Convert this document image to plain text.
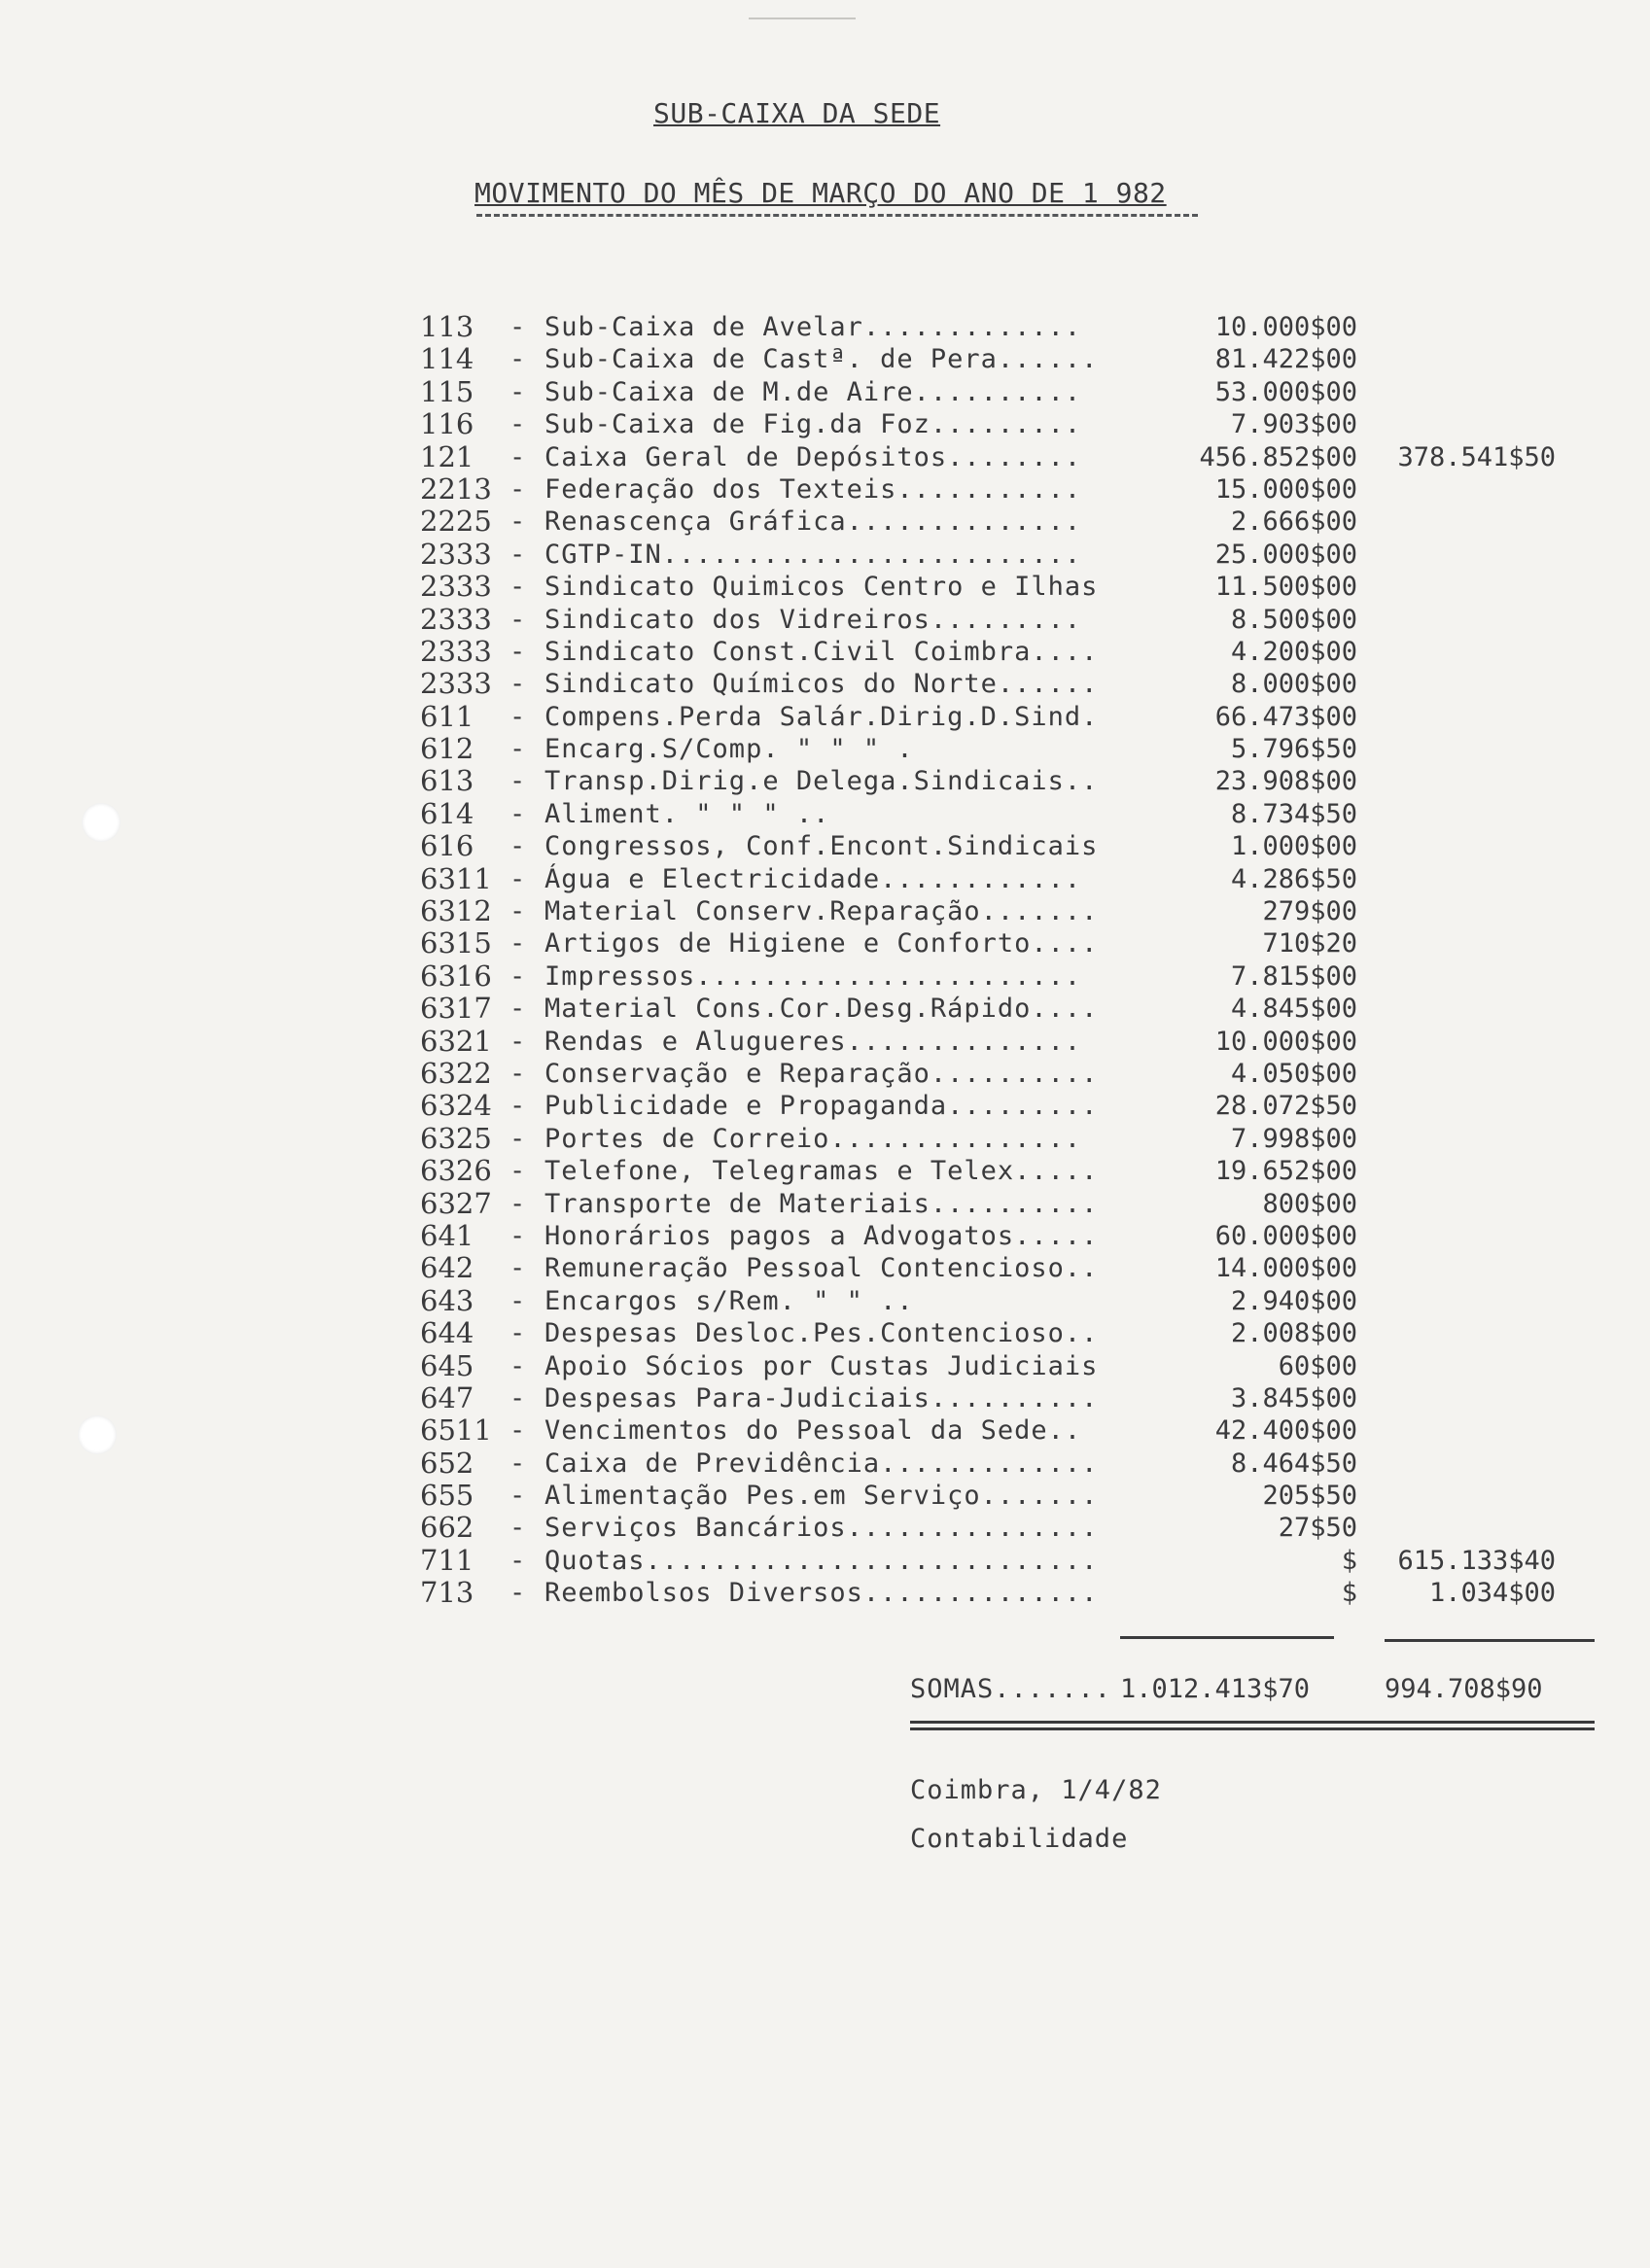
SUB-CAIXA DA SEDE
MOVIMENTO DO MÊS DE MARÇO DO ANO DE 1 982
113 - Sub-Caixa de Avelar.............	10.000$00
114 - Sub-Caixa de Castª. de Pera......	81.422$00
115 - Sub-Caixa de M.de Aire..........	53.000$00
116 - Sub-Caixa de Fig.da Foz.........	7.903$00
121 - Caixa Geral de Depósitos........	456.852$00 378.541$50
2213 - Federação dos Texteis...........	15.000$00
2225 - Renascença Gráfica..............	2.666$00
2333 - CGTP-IN.........................	25.000$00
2333 - Sindicato Quimicos Centro e Ilhas	11.500$00
2333 - Sindicato dos Vidreiros.........	8.500$00
2333 - Sindicato Const.Civil Coimbra....	4.200$00
2333 - Sindicato Químicos do Norte......	8.000$00
611 - Compens.Perda Salár.Dirig.D.Sind.	66.473$00
612 - Encarg.S/Comp. " " " .	5.796$50
613 - Transp.Dirig.e Delega.Sindicais..	23.908$00
614 - Aliment. " " " ..	8.734$50
616 - Congressos, Conf.Encont.Sindicais	1.000$00
6311 - Água e Electricidade............	4.286$50
6312 - Material Conserv.Reparação.......	279$00
6315 - Artigos de Higiene e Conforto....	710$20
6316 - Impressos.......................	7.815$00
6317 - Material Cons.Cor.Desg.Rápido....	4.845$00
6321 - Rendas e Alugueres..............	10.000$00
6322 - Conservação e Reparação..........	4.050$00
6324 - Publicidade e Propaganda.........	28.072$50
6325 - Portes de Correio...............	7.998$00
6326 - Telefone, Telegramas e Telex.....	19.652$00
6327 - Transporte de Materiais..........	800$00
641 - Honorários pagos a Advogatos.....	60.000$00
642 - Remuneração Pessoal Contencioso..	14.000$00
643 - Encargos s/Rem. " " ..	2.940$00
644 - Despesas Desloc.Pes.Contencioso..	2.008$00
645 - Apoio Sócios por Custas Judiciais	60$00
647 - Despesas Para-Judiciais..........	3.845$00
6511 - Vencimentos do Pessoal da Sede..	42.400$00
652 - Caixa de Previdência.............	8.464$50
655 - Alimentação Pes.em Serviço.......	205$50
662 - Serviços Bancários...............	27$50
711 - Quotas...........................	$ 615.133$40
713 - Reembolsos Diversos..............	$	1.034$00
SOMAS....... 1.012.413$70	994.708$90
Coimbra, 1/4/82
Contabilidade
